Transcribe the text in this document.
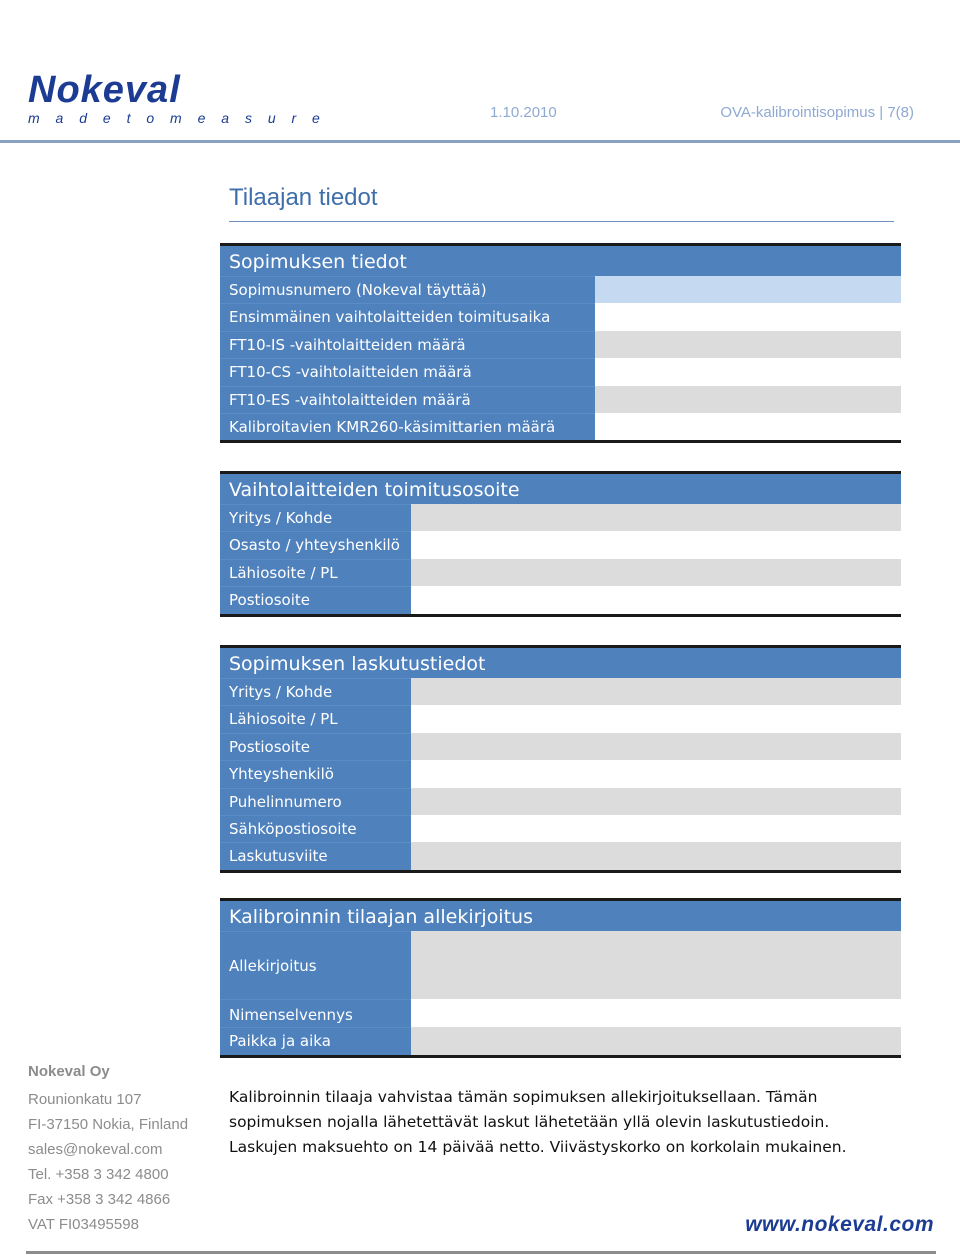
Nokeval
m a d e t o m e a s u r e	1.10.2010	OVA-kalibrointisopimus | 7(8)
Tilaajan tiedot
Sopimuksen tiedot
Sopimusnumero (Nokeval täyttää)
Ensimmäinen vaihtolaitteiden toimitusaika
FT10-IS -vaihtolaitteiden määrä
FT10-CS -vaihtolaitteiden määrä
FT10-ES -vaihtolaitteiden määrä
Kalibroitavien KMR260-käsimittarien määrä
Vaihtolaitteiden toimitusosoite
Yritys / Kohde
Osasto / yhteyshenkilö
Lähiosoite / PL
Postiosoite
Sopimuksen laskutustiedot
Yritys / Kohde
Lähiosoite / PL
Postiosoite
Yhteyshenkilö
Puhelinnumero
Sähköpostiosoite
Laskutusviite
Kalibroinnin tilaajan allekirjoitus
Allekirjoitus
Nimenselvennys
Paikka ja aika
Nokeval Oy
Rounionkatu 107
FI-37150 Nokia, Finland
sales@nokeval.com
Tel. +358 3 342 4800
Fax +358 3 342 4866
VAT FI03495598
Kalibroinnin tilaaja vahvistaa tämän sopimuksen allekirjoituksellaan. Tämän sopimuksen nojalla lähetettävät laskut lähetetään yllä olevin laskutustiedoin. Laskujen maksuehto on 14 päivää netto. Viivästyskorko on korkolain mukainen.
www.nokeval.com
